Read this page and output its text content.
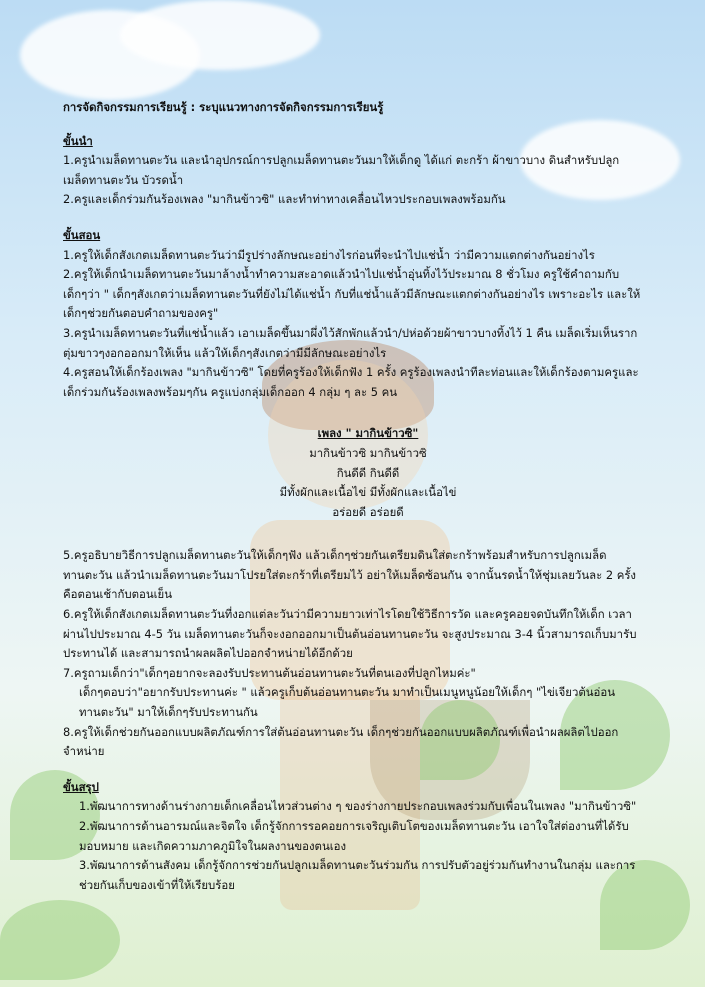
การจัดกิจกรรมการเรียนรู้ : ระบุแนวทางการจัดกิจกรรมการเรียนรู้

ขั้นนำ

1.ครูนำเมล็ดทานตะวัน และนำอุปกรณ์การปลูกเมล็ดทานตะวันมาให้เด็กดู ได้แก่ ตะกร้า ผ้าขาวบาง ดินสำหรับปลูกเมล็ดทานตะวัน บัวรดน้ำ

2.ครูและเด็กร่วมกันร้องเพลง "มากินข้าวซิ" และทำท่าทางเคลื่อนไหวประกอบเพลงพร้อมกัน

ขั้นสอน

1.ครูให้เด็กสังเกตเมล็ดทานตะวันว่ามีรูปร่างลักษณะอย่างไรก่อนที่จะนำไปแช่น้ำ ว่ามีความแตกต่างกันอย่างไร

2.ครูให้เด็กนำเมล็ดทานตะวันมาล้างน้ำทำความสะอาดแล้วนำไปแช่น้ำอุ่นทิ้งไว้ประมาณ 8 ชั่วโมง ครูใช้คำถามกับเด็กๆว่า " เด็กๆสังเกตว่าเมล็ดทานตะวันที่ยังไม่ได้แช่น้ำ กับที่แช่น้ำแล้วมีลักษณะแตกต่างกันอย่างไร เพราะอะไร และให้เด็กๆช่วยกันตอบคำถามของครู"

3.ครูนำเมล็ดทานตะวันที่แช่น้ำแล้ว เอาเมล็ดขึ้นมาผึ่งไว้สักพักแล้วนำ/ปห่อด้วยผ้าขาวบางทิ้งไว้ 1 คืน เมล็ดเริ่มเห็นรากตุ่มขาวๆงอกออกมาให้เห็น แล้วให้เด็กๆสังเกตว่ามีมีลักษณะอย่างไร

4.ครูสอนให้เด็กร้องเพลง "มากินข้าวซิ" โดยที่ครูร้องให้เด็กฟัง 1 ครั้ง ครูร้องเพลงนำทีละท่อนและให้เด็กร้องตามครูและเด็กร่วมกันร้องเพลงพร้อมๆกัน ครูแบ่งกลุ่มเด็กออก 4 กลุ่ม ๆ ละ 5 คน

เพลง " มากินข้าวซิ"

มากินข้าวซิ มากินข้าวซิ

กินดีดี กินดีดี

มีทั้งผักและเนื้อไข่ มีทั้งผักและเนื้อไข่

อร่อยดี อร่อยดี

5.ครูอธิบายวิธีการปลูกเมล็ดทานตะวันให้เด็กๆฟัง แล้วเด็กๆช่วยกันเตรียมดินใส่ตะกร้าพร้อมสำหรับการปลูกเมล็ดทานตะวัน แล้วนำเมล็ดทานตะวันมาโปรยใส่ตะกร้าที่เตรียมไว้ อย่าให้เมล็ดซ้อนกัน จากนั้นรดน้ำให้ชุ่มเลยวันละ 2 ครั้ง คือตอนเช้ากับตอนเย็น

6.ครูให้เด็กสังเกตเมล็ดทานตะวันที่งอกแต่ละวันว่ามีความยาวเท่าไรโดยใช้วิธีการวัด และครูคอยจดบันทึกให้เด็ก เวลาผ่านไปประมาณ 4-5 วัน เมล็ดทานตะวันก็จะงอกออกมาเป็นต้นอ่อนทานตะวัน จะสูงประมาณ 3-4 นิ้วสามารถเก็บมารับประทานได้ และสามารถนำผลผลิตไปออกจำหน่ายได้อีกด้วย

7.ครูถามเด็กว่า"เด็กๆอยากจะลองรับประทานต้นอ่อนทานตะวันที่ตนเองที่ปลูกไหมค่ะ"

เด็กๆตอบว่า"อยากรับประทานค่ะ " แล้วครูเก็บต้นอ่อนทานตะวัน มาทำเป็นเมนูหนูน้อยให้เด็กๆ "ไข่เจียวต้นอ่อนทานตะวัน" มาให้เด็กๆรับประทานกัน

8.ครูให้เด็กช่วยกันออกแบบผลิตภัณฑ์การใส่ต้นอ่อนทานตะวัน เด็กๆช่วยกันออกแบบผลิตภัณฑ์เพื่อนำผลผลิตไปออกจำหน่าย

ขั้นสรุป

1.พัฒนาการทางด้านร่างกายเด็กเคลื่อนไหวส่วนต่าง ๆ ของร่างกายประกอบเพลงร่วมกับเพื่อนในเพลง "มากินข้าวซิ"

2.พัฒนาการด้านอารมณ์และจิตใจ เด็กรู้จักการรอคอยการเจริญเติบโตของเมล็ดทานตะวัน เอาใจใส่ต่องานที่ได้รับมอบหมาย และเกิดความภาคภูมิใจในผลงานของตนเอง

3.พัฒนาการด้านสังคม เด็กรู้จักการช่วยกันปลูกเมล็ดทานตะวันร่วมกัน การปรับตัวอยู่ร่วมกันทำงานในกลุ่ม และการช่วยกันเก็บของเข้าที่ให้เรียบร้อย
